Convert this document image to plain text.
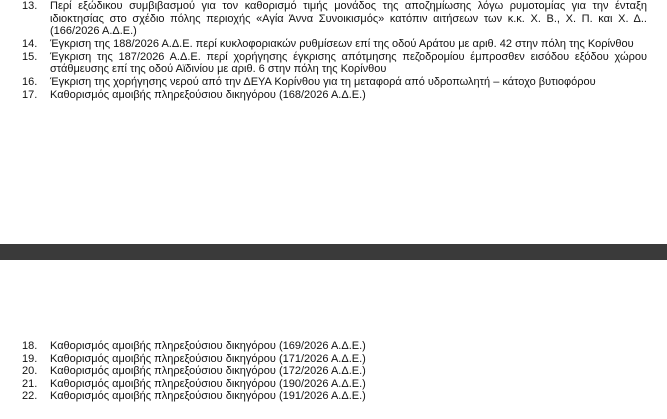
13. Περί εξώδικου συμβιβασμού για τον καθορισμό τιμής μονάδος της αποζημίωσης λόγω ρυμοτομίας για την ένταξη ιδιοκτησίας στο σχέδιο πόλης περιοχής «Αγία Άννα Συνοικισμός» κατόπιν αιτήσεων των κ.κ. Χ. Β., Χ. Π. και Χ. Δ.. (166/2026 Α.Δ.Ε.)
14. Έγκριση της 188/2026 Α.Δ.Ε. περί κυκλοφοριακών ρυθμίσεων επί της οδού Αράτου με αριθ. 42 στην πόλη της Κορίνθου
15. Έγκριση της 187/2026 Α.Δ.Ε. περί χορήγησης έγκρισης απότμησης πεζοδρομίου έμπροσθεν εισόδου εξόδου χώρου στάθμευσης επί της οδού Αϊδινίου με αριθ. 6 στην πόλη της Κορίνθου
16. Έγκριση της χορήγησης νερού από την ΔΕΥΑ Κορίνθου για τη μεταφορά από υδροπωλητή – κάτοχο βυτιοφόρου
17. Καθορισμός αμοιβής πληρεξούσιου δικηγόρου (168/2026 Α.Δ.Ε.)
18. Καθορισμός αμοιβής πληρεξούσιου δικηγόρου (169/2026 Α.Δ.Ε.)
19. Καθορισμός αμοιβής πληρεξούσιου δικηγόρου (171/2026 Α.Δ.Ε.)
20. Καθορισμός αμοιβής πληρεξούσιου δικηγόρου (172/2026 Α.Δ.Ε.)
21. Καθορισμός αμοιβής πληρεξούσιου δικηγόρου (190/2026 Α.Δ.Ε.)
22. Καθορισμός αμοιβής πληρεξούσιου δικηγόρου (191/2026 Α.Δ.Ε.)
